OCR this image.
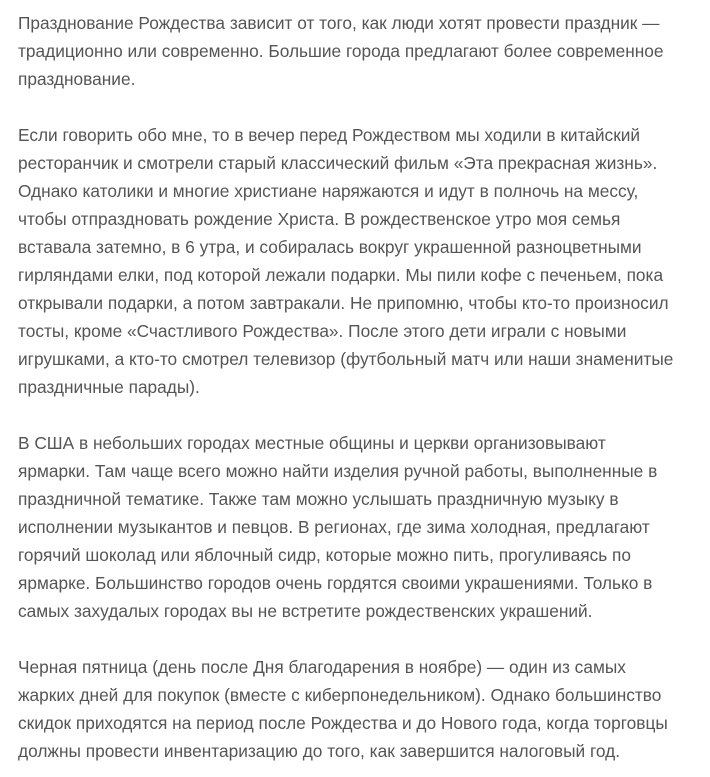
Празднование Рождества зависит от того, как люди хотят провести праздник —
традиционно или современно. Большие города предлагают более современное
празднование.

Если говорить обо мне, то в вечер перед Рождеством мы ходили в китайский
ресторанчик и смотрели старый классический фильм «Эта прекрасная жизнь».
Однако католики и многие христиане наряжаются и идут в полночь на мессу,
чтобы отпраздновать рождение Христа. В рождественское утро моя семья
вставала затемно, в 6 утра, и собиралась вокруг украшенной разноцветными
гирляндами елки, под которой лежали подарки. Мы пили кофе с печеньем, пока
открывали подарки, а потом завтракали. Не припомню, чтобы кто-то произносил
тосты, кроме «Счастливого Рождества». После этого дети играли с новыми
игрушками, а кто-то смотрел телевизор (футбольный матч или наши знаменитые
праздничные парады).

В США в небольших городах местные общины и церкви организовывают
ярмарки. Там чаще всего можно найти изделия ручной работы, выполненные в
праздничной тематике. Также там можно услышать праздничную музыку в
исполнении музыкантов и певцов. В регионах, где зима холодная, предлагают
горячий шоколад или яблочный сидр, которые можно пить, прогуливаясь по
ярмарке. Большинство городов очень гордятся своими украшениями. Только в
самых захудалых городах вы не встретите рождественских украшений.

Черная пятница (день после Дня благодарения в ноябре) — один из самых
жарких дней для покупок (вместе с киберпонедельником). Однако большинство
скидок приходятся на период после Рождества и до Нового года, когда торговцы
должны провести инвентаризацию до того, как завершится налоговый год.
